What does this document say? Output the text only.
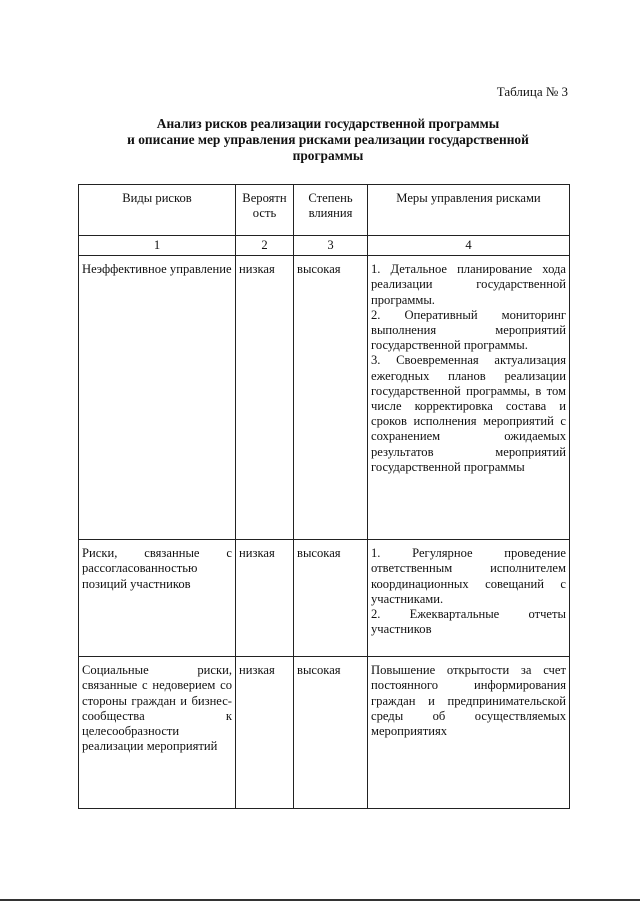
Таблица № 3
Анализ рисков реализации государственной программы
и описание мер управления рисками реализации государственной
программы
Виды рисков	Вероятн ость	Степень влияния	Меры управления рисками
1	2	3	4
Неэффективное управление	низкая	высокая	1. Детальное планирование хода реализации государственной программы.
2. Оперативный мониторинг выполнения мероприятий государственной программы.
3. Своевременная актуализация ежегодных планов реализации государственной программы, в том числе корректировка состава и сроков исполнения мероприятий с сохранением ожидаемых результатов мероприятий государственной программы

Риски, связанные с рассогласованностью позиций участников	низкая	высокая	1. Регулярное проведение ответственным исполнителем координационных совещаний с участниками.
2. Ежеквартальные отчеты участников

Социальные риски, связанные с недоверием со стороны граждан и бизнес-сообщества к целесообразности реализации мероприятий	низкая	высокая	Повышение открытости за счет постоянного информирования граждан и предпринимательской среды об осуществляемых мероприятиях
